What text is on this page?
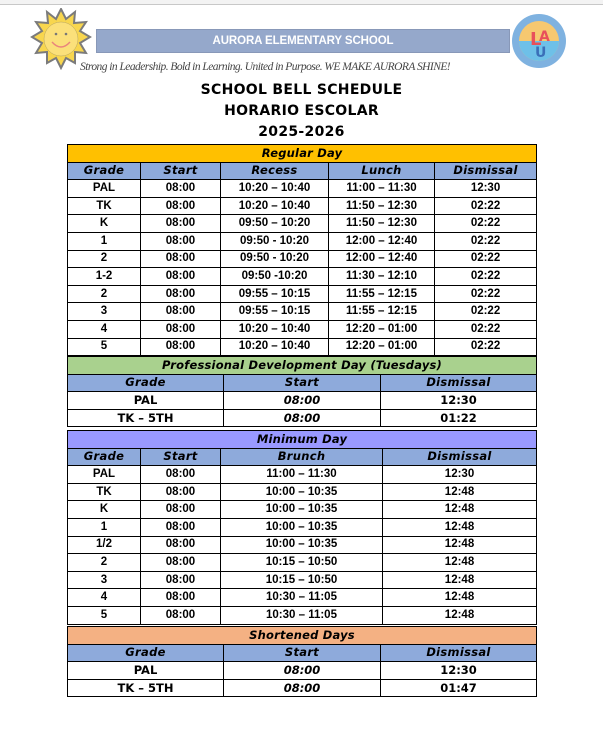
AURORA ELEMENTARY SCHOOL	L
A
U
Strong in Leadership. Bold in Learning. United in Purpose. WE MAKE AURORA SHINE!
SCHOOL BELL SCHEDULE
HORARIO ESCOLAR
2025-2026
Regular Day				
Grade	Start	Recess	Lunch	Dismissal
PAL	08:00	10:20 – 10:40	11:00 – 11:30	12:30
TK	08:00	10:20 – 10:40	11:50 – 12:30	02:22
K	08:00	09:50 – 10:20	11:50 – 12:30	02:22
1	08:00	09:50 - 10:20	12:00 – 12:40	02:22
2	08:00	09:50 - 10:20	12:00 – 12:40	02:22
1-2	08:00	09:50 -10:20	11:30 – 12:10	02:22
2	08:00	09:55 – 10:15	11:55 – 12:15	02:22
3	08:00	09:55 – 10:15	11:55 – 12:15	02:22
4	08:00	10:20 – 10:40	12:20 – 01:00	02:22
5	08:00	10:20 – 10:40	12:20 – 01:00	02:22
Professional Development Day (Tuesdays)		
Grade	Start	Dismissal
PAL	08:00	12:30
TK – 5TH	08:00	01:22
Minimum Day			
Grade	Start	Brunch	Dismissal
PAL	08:00	11:00 – 11:30	12:30
TK	08:00	10:00 – 10:35	12:48
K	08:00	10:00 – 10:35	12:48
1	08:00	10:00 – 10:35	12:48
1/2	08:00	10:00 – 10:35	12:48
2	08:00	10:15 – 10:50	12:48
3	08:00	10:15 – 10:50	12:48
4	08:00	10:30 – 11:05	12:48
5	08:00	10:30 – 11:05	12:48
Shortened Days		
Grade	Start	Dismissal
PAL	08:00	12:30
TK – 5TH	08:00	01:47
